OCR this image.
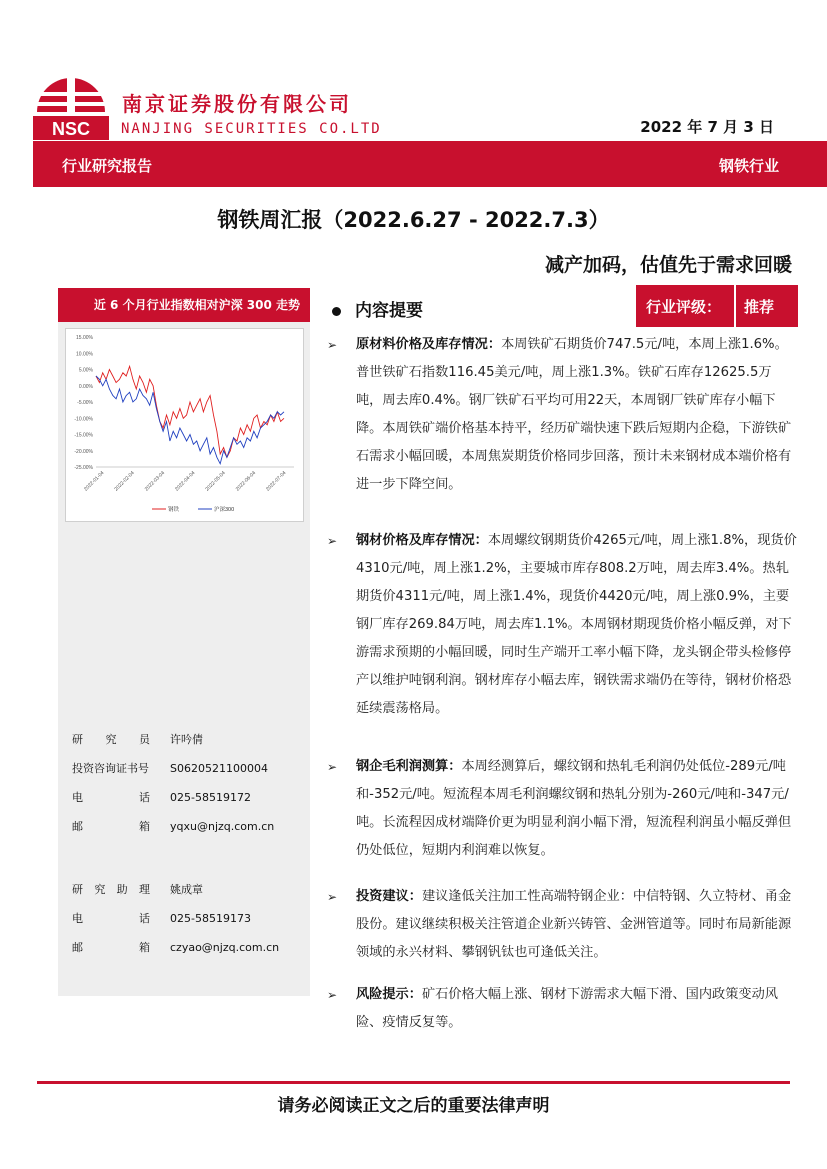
NSC
南京证券股份有限公司
NANJING SECURITIES CO.LTD	2022 年 7 月 3 日
行业研究报告	钢铁行业
钢铁周汇报（2022.6.27 - 2022.7.3）
减产加码，估值先于需求回暖
近 6 个月行业指数相对沪深 300 走势
15.00%
10.00%
5.00%
0.00%
-5.00%
-10.00%
-15.00%
-20.00%
-25.00%
2022-01-04 2022-02-04 2022-03-04 2022-04-04 2022-05-04 2022-06-04 2022-07-04
钢铁	沪深300
研 究 员 许吟倩
投资咨询证书号 S0620521100004
电	话 025-58519172
邮	箱 yqxu@njzq.com.cn
研 究 助 理 姚成章
电	话 025-58519173
邮	箱 czyao@njzq.com.cn
内容提要	行业评级： 推荐
➢ 原材料价格及库存情况：本周铁矿石期货价747.5元/吨，本周上涨1.6%。普世铁矿石指数116.45美元/吨，周上涨1.3%。铁矿石库存12625.5万吨，周去库0.4%。钢厂铁矿石平均可用22天，本周钢厂铁矿库存小幅下降。本周铁矿端价格基本持平，经历矿端快速下跌后短期内企稳，下游铁矿石需求小幅回暖，本周焦炭期货价格同步回落，预计未来钢材成本端价格有进一步下降空间。
➢ 钢材价格及库存情况：本周螺纹钢期货价4265元/吨，周上涨1.8%，现货价4310元/吨，周上涨1.2%，主要城市库存808.2万吨，周去库3.4%。热轧期货价4311元/吨，周上涨1.4%，现货价4420元/吨，周上涨0.9%，主要钢厂库存269.84万吨，周去库1.1%。本周钢材期现货价格小幅反弹，对下游需求预期的小幅回暖，同时生产端开工率小幅下降，龙头钢企带头检修停产以维护吨钢利润。钢材库存小幅去库，钢铁需求端仍在等待，钢材价格恐延续震荡格局。
➢ 钢企毛利润测算：本周经测算后，螺纹钢和热轧毛利润仍处低位-289元/吨和-352元/吨。短流程本周毛利润螺纹钢和热轧分别为-260元/吨和-347元/吨。长流程因成材端降价更为明显利润小幅下滑，短流程利润虽小幅反弹但仍处低位，短期内利润难以恢复。
➢ 投资建议：建议逢低关注加工性高端特钢企业：中信特钢、久立特材、甬金股份。建议继续积极关注管道企业新兴铸管、金洲管道等。同时布局新能源领域的永兴材料、攀钢钒钛也可逢低关注。
➢ 风险提示：矿石价格大幅上涨、钢材下游需求大幅下滑、国内政策变动风险、疫情反复等。
请务必阅读正文之后的重要法律声明
